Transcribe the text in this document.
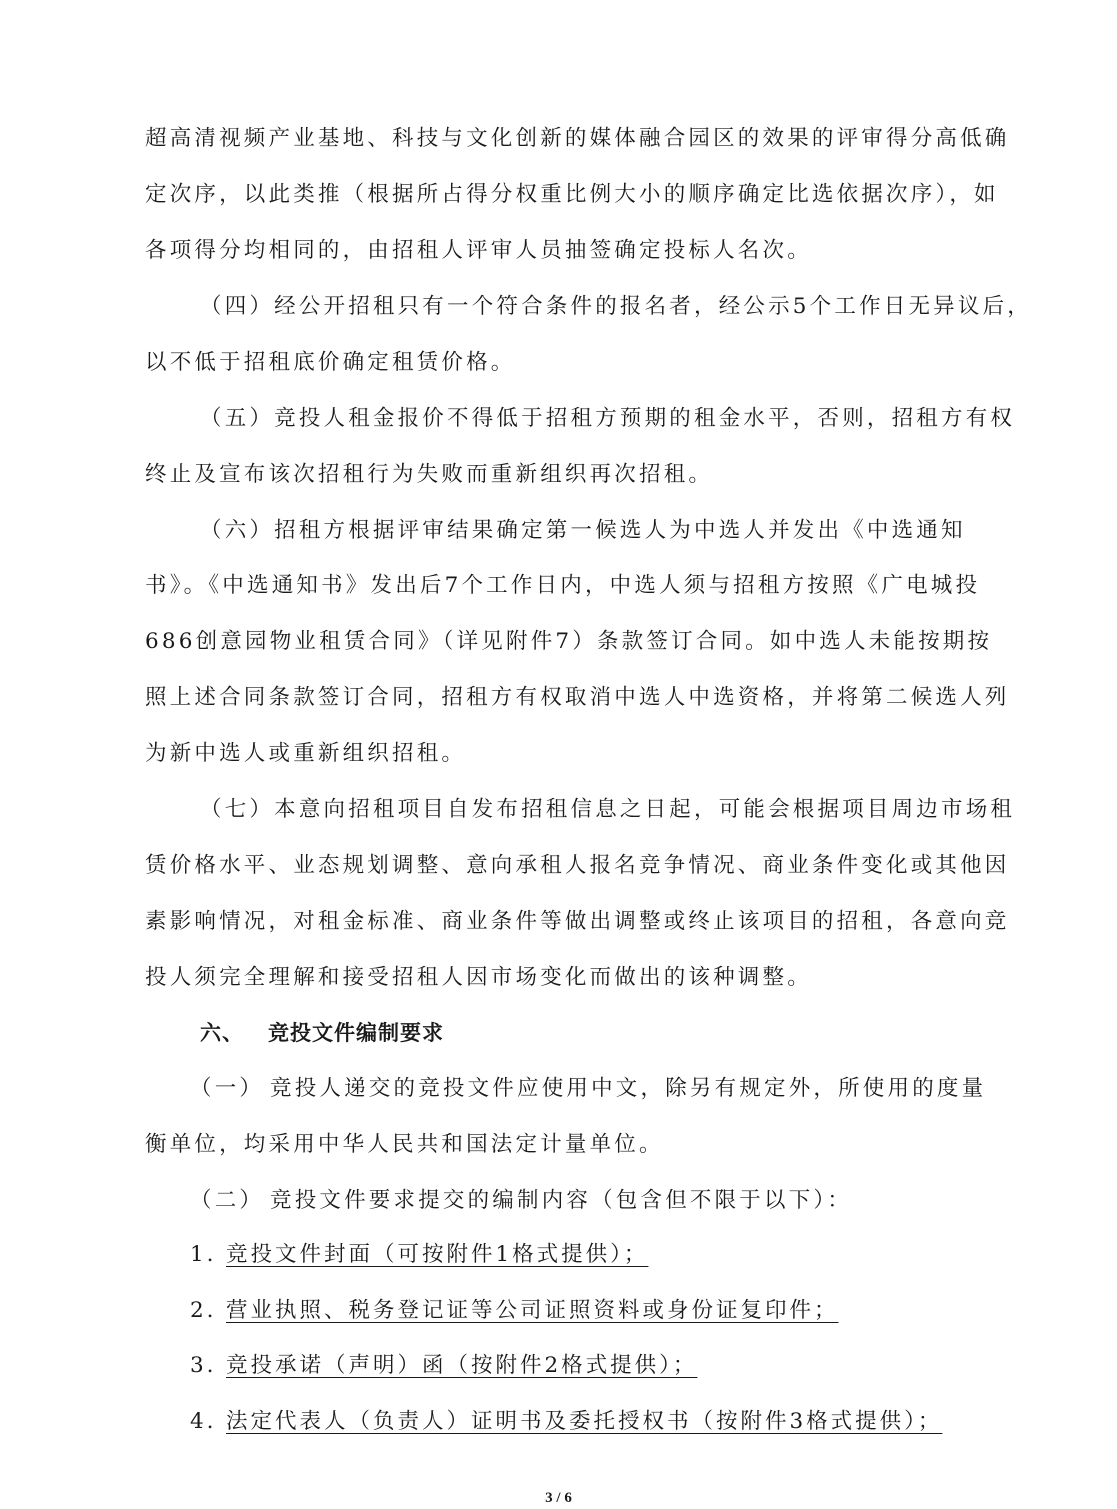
超高清视频产业基地、科技与文化创新的媒体融合园区的效果的评审得分高低确
定次序，以此类推（根据所占得分权重比例大小的顺序确定比选依据次序），如
各项得分均相同的，由招租人评审人员抽签确定投标人名次。
（四）经公开招租只有一个符合条件的报名者，经公示5个工作日无异议后，
以不低于招租底价确定租赁价格。
（五）竞投人租金报价不得低于招租方预期的租金水平，否则，招租方有权
终止及宣布该次招租行为失败而重新组织再次招租。
（六）招租方根据评审结果确定第一候选人为中选人并发出《中选通知
书》。《中选通知书》发出后7个工作日内，中选人须与招租方按照《广电城投
686创意园物业租赁合同》（详见附件7）条款签订合同。如中选人未能按期按
照上述合同条款签订合同，招租方有权取消中选人中选资格，并将第二候选人列
为新中选人或重新组织招租。
（七）本意向招租项目自发布招租信息之日起，可能会根据项目周边市场租
赁价格水平、业态规划调整、意向承租人报名竞争情况、商业条件变化或其他因
素影响情况，对租金标准、商业条件等做出调整或终止该项目的招租，各意向竞
投人须完全理解和接受招租人因市场变化而做出的该种调整。
六、 竞投文件编制要求
（一） 竞投人递交的竞投文件应使用中文，除另有规定外，所使用的度量
衡单位，均采用中华人民共和国法定计量单位。
（二） 竞投文件要求提交的编制内容（包含但不限于以下）：
1. 竞投文件封面（可按附件1格式提供）；
2. 营业执照、税务登记证等公司证照资料或身份证复印件；
3. 竞投承诺（声明）函（按附件2格式提供）；
4. 法定代表人（负责人）证明书及委托授权书（按附件3格式提供）；
3 / 6
